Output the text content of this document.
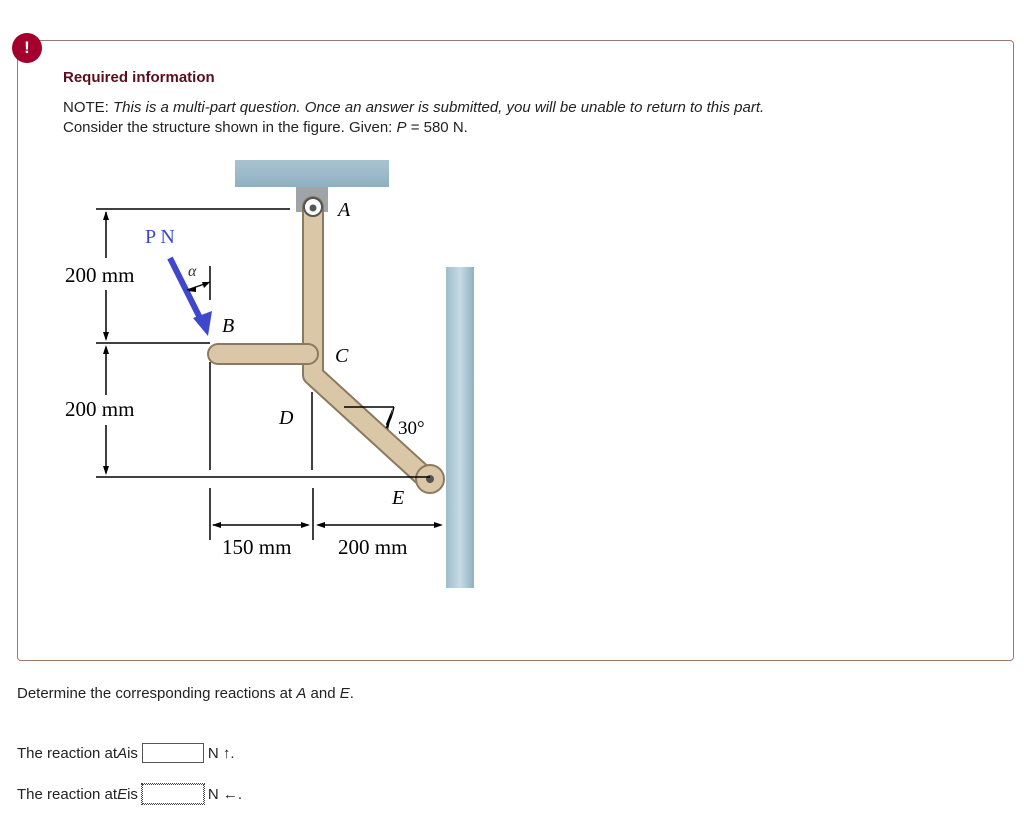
!
Required information
NOTE: This is a multi-part question. Once an answer is submitted, you will be unable to return to this part.
Consider the structure shown in the figure. Given: P = 580 N.
P N
α
A
B
C
D
E
200 mm
200 mm
150 mm 200 mm
30°
Determine the corresponding reactions at A and E.
The reaction at A is	N ↑.
The reaction at E is	N ←.
